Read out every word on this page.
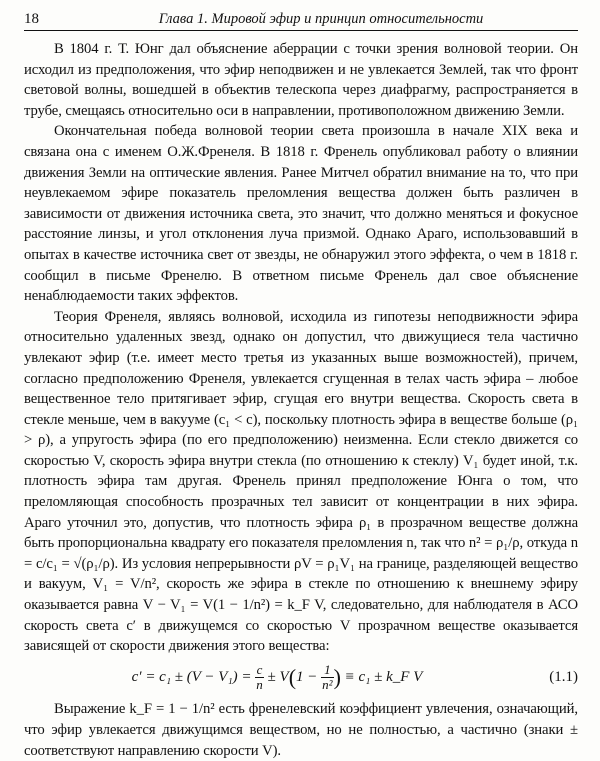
18	Глава 1. Мировой эфир и принцип относительности

В 1804 г. Т. Юнг дал объяснение аберрации с точки зрения волновой теории. Он исходил из предположения, что эфир неподвижен и не увлекается Землей, так что фронт световой волны, вошедшей в объектив телескопа через диафрагму, распространяется в трубе, смещаясь относительно оси в направлении, противоположном движению Земли.

Окончательная победа волновой теории света произошла в начале XIX века и связана она с именем О.Ж.Френеля. В 1818 г. Френель опубликовал работу о влиянии движения Земли на оптические явления. Ранее Митчел обратил внимание на то, что при неувлекаемом эфире показатель преломления вещества должен быть различен в зависимости от движения источника света, это значит, что должно меняться и фокусное расстояние линзы, и угол отклонения луча призмой. Однако Араго, использовавший в опытах в качестве источника свет от звезды, не обнаружил этого эффекта, о чем в 1818 г. сообщил в письме Френелю. В ответном письме Френель дал свое объяснение ненаблюдаемости таких эффектов.

Теория Френеля, являясь волновой, исходила из гипотезы неподвижности эфира относительно удаленных звезд, однако он допустил, что движущиеся тела частично увлекают эфир (т.е. имеет место третья из указанных выше возможностей), причем, согласно предположению Френеля, увлекается сгущенная в телах часть эфира – любое вещественное тело притягивает эфир, сгущая его внутри вещества. Скорость света в стекле меньше, чем в вакууме (c₁ < c), поскольку плотность эфира в веществе больше (ρ₁ > ρ), а упругость эфира (по его предположению) неизменна. Если стекло движется со скоростью V, скорость эфира внутри стекла (по отношению к стеклу) V₁ будет иной, т.к. плотность эфира там другая. Френель принял предположение Юнга о том, что преломляющая способность прозрачных тел зависит от концентрации в них эфира. Араго уточнил это, допустив, что плотность эфира ρ₁ в прозрачном веществе должна быть пропорциональна квадрату его показателя преломления n, так что n² = ρ₁/ρ, откуда n = c/c₁ = √(ρ₁/ρ). Из условия непрерывности ρV = ρ₁V₁ на границе, разделяющей вещество и вакуум, V₁ = V/n², скорость же эфира в стекле по отношению к внешнему эфиру оказывается равна V − V₁ = V(1 − 1/n²) = k_F V, следовательно, для наблюдателя в АСО скорость света c′ в движущемся со скоростью V прозрачном веществе оказывается зависящей от скорости движения этого вещества:

$c' = c_1 \pm (V - V_1) = \frac{c}{n} \pm V(1 - \frac{1}{\text{n²}}$ ) ≡ c₁ ± k_F V	(1.1)

Выражение k_F = 1 − 1/n² есть френелевский коэффициент увлечения, означающий, что эфир увлекается движущимся веществом, но не полностью, а частично (знаки ± соответствуют направлению скорости V).
